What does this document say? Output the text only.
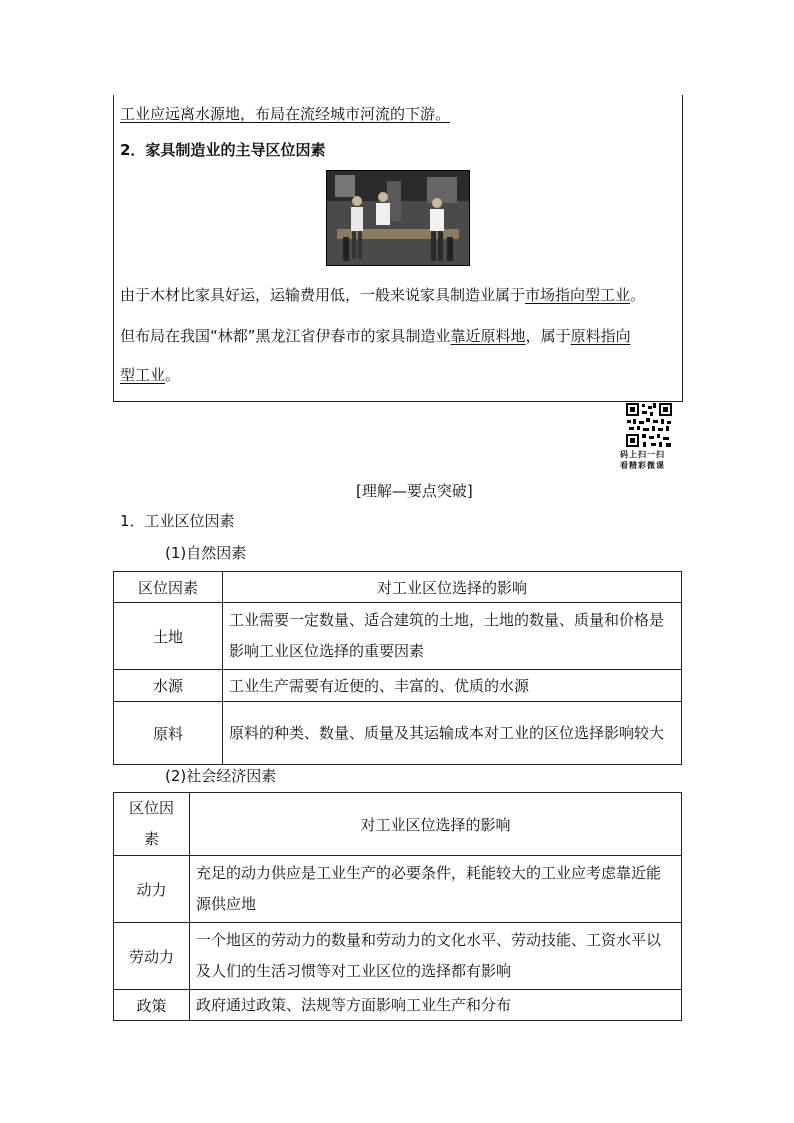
工业应远离水源地，布局在流经城市河流的下游。
2．家具制造业的主导区位因素
由于木材比家具好运，运输费用低，一般来说家具制造业属于市场指向型工业。
但布局在我国“林都”黑龙江省伊春市的家具制造业靠近原料地，属于原料指向
型工业。
码上扫一扫
看精彩微课
[理解—要点突破]
1．工业区位因素
(1)自然因素
区位因素	对工业区位选择的影响
土地	工业需要一定数量、适合建筑的土地，土地的数量、质量和价格是影响工业区位选择的重要因素
水源	工业生产需要有近便的、丰富的、优质的水源
原料	原料的种类、数量、质量及其运输成本对工业的区位选择影响较大
(2)社会经济因素
区位因素	对工业区位选择的影响
动力	充足的动力供应是工业生产的必要条件，耗能较大的工业应考虑靠近能源供应地
劳动力	一个地区的劳动力的数量和劳动力的文化水平、劳动技能、工资水平以及人们的生活习惯等对工业区位的选择都有影响
政策	政府通过政策、法规等方面影响工业生产和分布
